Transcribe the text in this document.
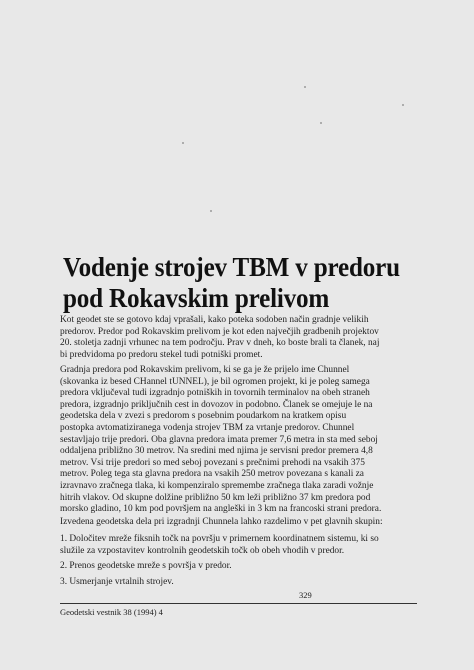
Vodenje strojev TBM v predoru
pod Rokavskim prelivom

Kot geodet ste se gotovo kdaj vprašali, kako poteka sodoben način gradnje velikih
predorov. Predor pod Rokavskim prelivom je kot eden največjih gradbenih projektov
20. stoletja zadnji vrhunec na tem področju. Prav v dneh, ko boste brali ta članek, naj
bi predvidoma po predoru stekel tudi potniški promet.

Gradnja predora pod Rokavskim prelivom, ki se ga je že prijelo ime Chunnel
(skovanka iz besed CHannel tUNNEL), je bil ogromen projekt, ki je poleg samega
predora vključeval tudi izgradnjo potniških in tovornih terminalov na obeh straneh
predora, izgradnjo priključnih cest in dovozov in podobno. Članek se omejuje le na
geodetska dela v zvezi s predorom s posebnim poudarkom na kratkem opisu
postopka avtomatiziranega vodenja strojev TBM za vrtanje predorov. Chunnel
sestavljajo trije predori. Oba glavna predora imata premer 7,6 metra in sta med seboj
oddaljena približno 30 metrov. Na sredini med njima je servisni predor premera 4,8
metrov. Vsi trije predori so med seboj povezani s prečnimi prehodi na vsakih 375
metrov. Poleg tega sta glavna predora na vsakih 250 metrov povezana s kanali za
izravnavo zračnega tlaka, ki kompenziralo spremembe zračnega tlaka zaradi vožnje
hitrih vlakov. Od skupne dolžine približno 50 km leži približno 37 km predora pod
morsko gladino, 10 km pod površjem na angleški in 3 km na francoski strani predora.

Izvedena geodetska dela pri izgradnji Chunnela lahko razdelimo v pet glavnih skupin:

1. Določitev mreže fiksnih točk na površju v primernem koordinatnem sistemu, ki so
služile za vzpostavitev kontrolnih geodetskih točk ob obeh vhodih v predor.

2. Prenos geodetske mreže s površja v predor.

3. Usmerjanje vrtalnih strojev.

329
Geodetski vestnik 38 (1994) 4
